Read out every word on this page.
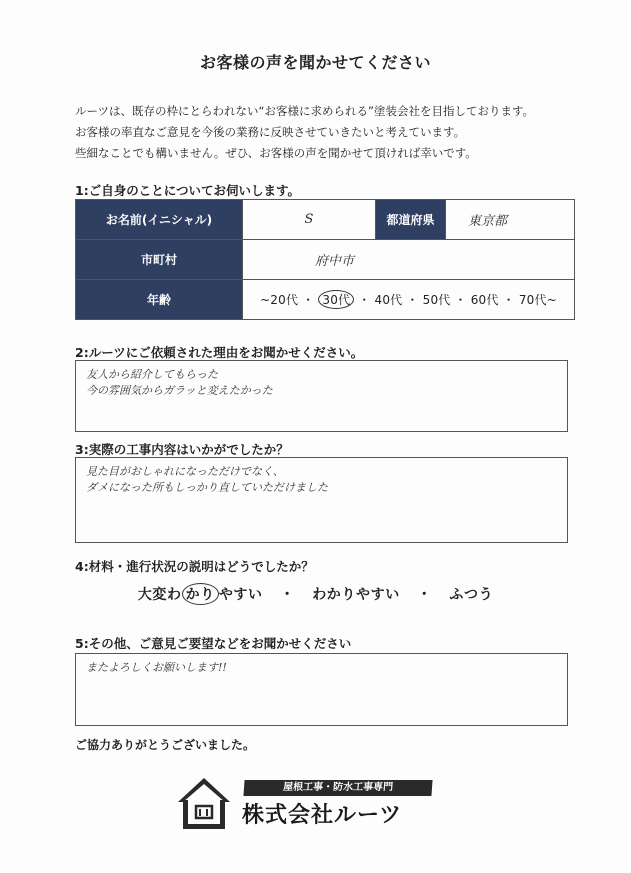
お客様の声を聞かせてください
ルーツは、既存の枠にとらわれない“お客様に求められる”塗装会社を目指しております。
お客様の率直なご意見を今後の業務に反映させていきたいと考えています。
些細なことでも構いません。ぜひ、お客様の声を聞かせて頂ければ幸いです。
1:ご自身のことについてお伺いします。
お名前(イニシャル)	S	都道府県	東京都
市町村	府中市		
年齢	~20代 ・ 30代 ・ 40代 ・ 50代 ・ 60代 ・ 70代~		
2:ルーツにご依頼された理由をお聞かせください。
友人から紹介してもらった
今の雰囲気からガラッと変えたかった
3:実際の工事内容はいかがでしたか？
見た目がおしゃれになっただけでなく、
ダメになった所もしっかり直していただけました
4:材料・進行状況の説明はどうでしたか？
大変わ かり やすい ・ わかりやすい ・ ふつう
5:その他、ご意見ご要望などをお聞かせください
またよろしくお願いします!!
ご協力ありがとうございました。
屋根工事・防水工事専門
株式会社ルーツ
